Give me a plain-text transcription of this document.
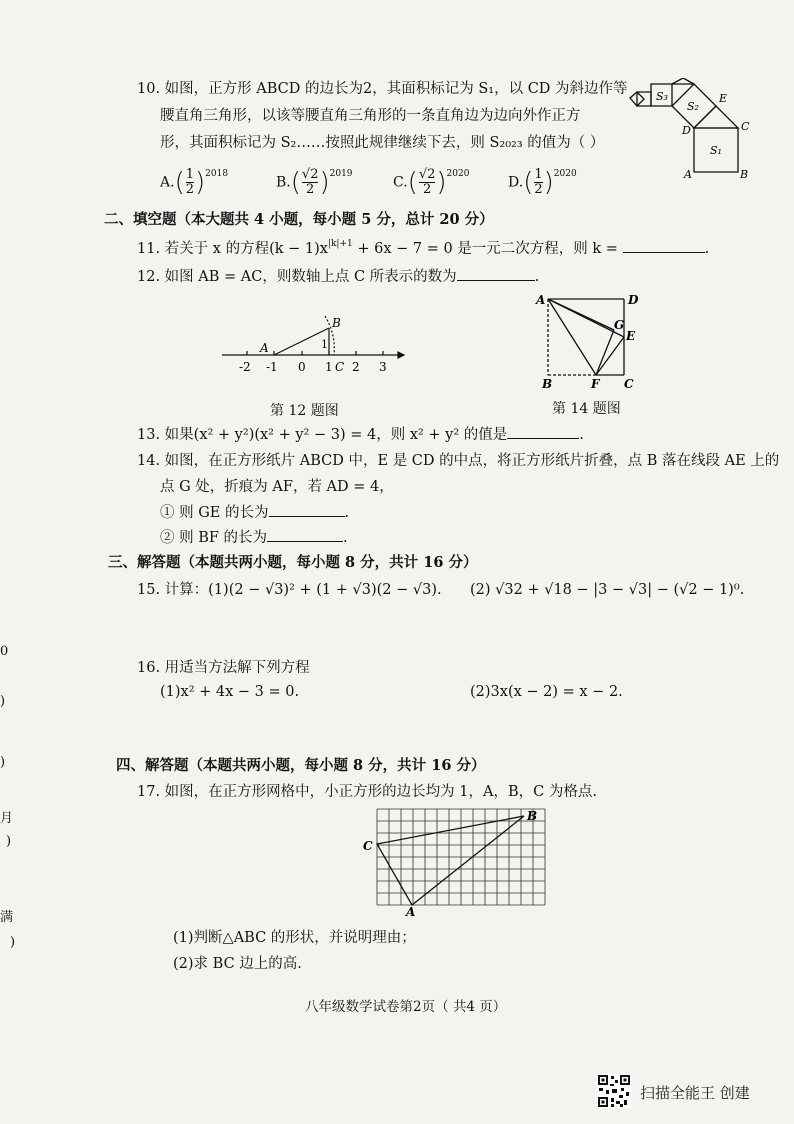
10. 如图，正方形 ABCD 的边长为2，其面积标记为 S₁，以 CD 为斜边作等
腰直角三角形，以该等腰直角三角形的一条直角边为边向外作正方
形，其面积标记为 S₂……按照此规律继续下去，则 S₂₀₂₃ 的值为（ ）
$A.( \frac{1}{2} )^{2018}$
$B.( \frac{√2}{2} )^{2019}$
$C.( \frac{√2}{2} )^{2020}$
$D.( \frac{1}{2} )^{2020}$
S₃
S₂
S₁
E
D	C
A	B
二、填空题（本大题共 4 小题，每小题 5 分，总计 20 分）
11. 若关于 x 的方程$(k - 1)x^{|k|+1} + 6x - 7 = 0$ 是一元二次方程，则 k =	.
12. 如图 AB = AC，则数轴上点 C 所表示的数为	.
-2 -1 0 1 2 3
A
B
C
1
第 12 题图
A	D
G
E
B	F C
第 14 题图
13. 如果(x² + y²)(x² + y² − 3) = 4，则 x² + y² 的值是	.
14. 如图，在正方形纸片 ABCD 中，E 是 CD 的中点，将正方形纸片折叠，点 B 落在线段 AE 上的
点 G 处，折痕为 AF，若 AD = 4，
① 则 GE 的长为	.
② 则 BF 的长为	.
三、解答题（本题共两小题，每小题 8 分，共计 16 分）
15. 计算：(1)(2 − √3)² + (1 + √3)(2 − √3). (2) √32 + √18 − |3 − √3| − (√2 − 1)⁰.
16. 用适当方法解下列方程
(1)x² + 4x − 3 = 0.	(2)3x(x − 2) = x − 2.
四、解答题（本题共两小题，每小题 8 分，共计 16 分）
17. 如图，在正方形网格中，小正方形的边长均为 1，A，B，C 为格点.
A
B
C
(1)判断△ABC 的形状，并说明理由；
(2)求 BC 边上的高.
0
)
)
月
)
满
)
八年级数学试卷第2页（ 共4 页）
扫描全能王 创建
